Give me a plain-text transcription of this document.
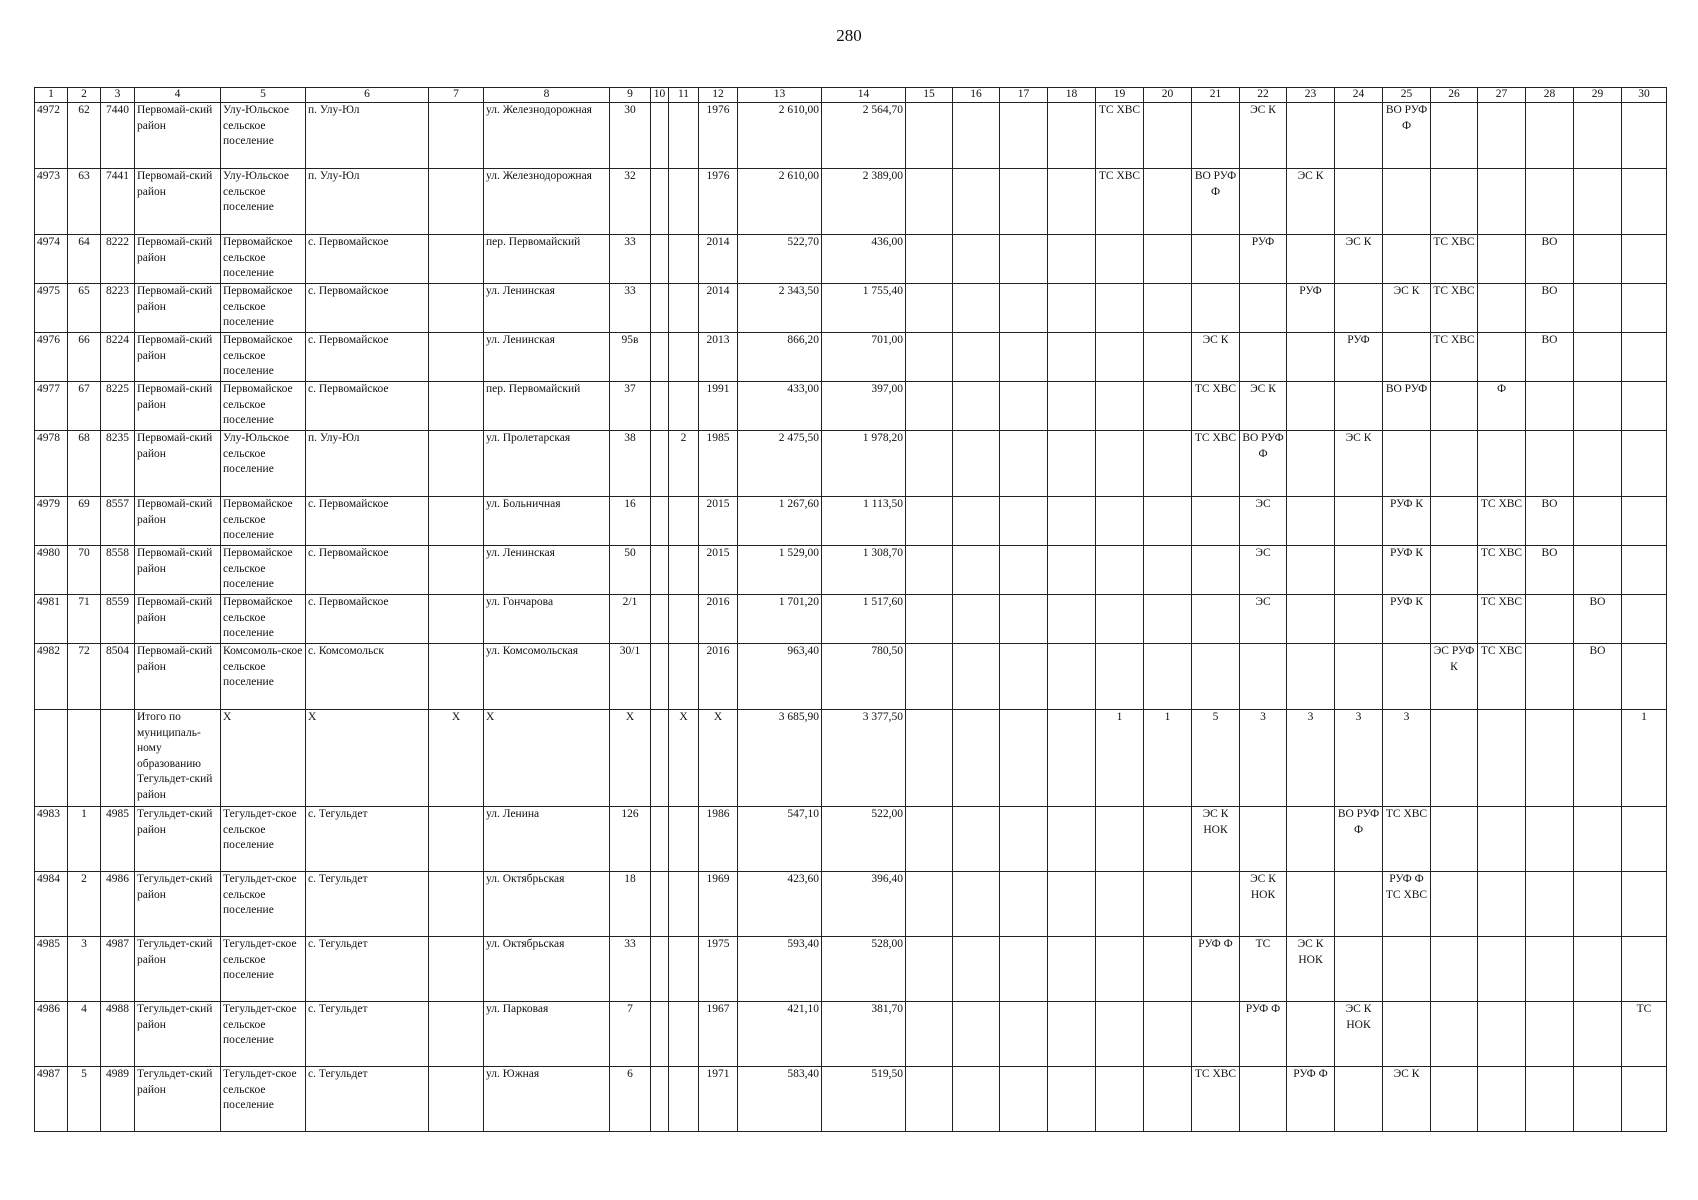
280
1	2	3	4	5	6	7	8	9	10	11	12	13	14	15	16	17	18	19	20	21	22	23	24	25	26	27	28	29	30
4972	62	7440	Первомай-ский район	Улу-Юльское сельское поселение	п. Улу-Юл		ул. Железнодорожная	30			1976	2 610,00	2 564,70					ТС ХВС			ЭС К			ВО РУФ Ф					
4973	63	7441	Первомай-ский район	Улу-Юльское сельское поселение	п. Улу-Юл		ул. Железнодорожная	32			1976	2 610,00	2 389,00					ТС ХВС		ВО РУФ Ф		ЭС К							
4974	64	8222	Первомай-ский район	Первомайское сельское поселение	с. Первомайское		пер. Первомайский	33			2014	522,70	436,00								РУФ		ЭС К		ТС ХВС		ВО		
4975	65	8223	Первомай-ский район	Первомайское сельское поселение	с. Первомайское		ул. Ленинская	33			2014	2 343,50	1 755,40									РУФ		ЭС К	ТС ХВС		ВО		
4976	66	8224	Первомай-ский район	Первомайское сельское поселение	с. Первомайское		ул. Ленинская	95в			2013	866,20	701,00							ЭС К			РУФ		ТС ХВС		ВО		
4977	67	8225	Первомай-ский район	Первомайское сельское поселение	с. Первомайское		пер. Первомайский	37			1991	433,00	397,00							ТС ХВС	ЭС К			ВО РУФ		Ф			
4978	68	8235	Первомай-ский район	Улу-Юльское сельское поселение	п. Улу-Юл		ул. Пролетарская	38		2	1985	2 475,50	1 978,20							ТС ХВС	ВО РУФ Ф		ЭС К						
4979	69	8557	Первомай-ский район	Первомайское сельское поселение	с. Первомайское		ул. Больничная	16			2015	1 267,60	1 113,50								ЭС			РУФ К		ТС ХВС	ВО		
4980	70	8558	Первомай-ский район	Первомайское сельское поселение	с. Первомайское		ул. Ленинская	50			2015	1 529,00	1 308,70								ЭС			РУФ К		ТС ХВС	ВО		
4981	71	8559	Первомай-ский район	Первомайское сельское поселение	с. Первомайское		ул. Гончарова	2/1			2016	1 701,20	1 517,60								ЭС			РУФ К		ТС ХВС		ВО	
4982	72	8504	Первомай-ский район	Комсомоль-ское сельское поселение	с. Комсомольск		ул. Комсомольская	30/1			2016	963,40	780,50												ЭС РУФ К	ТС ХВС		ВО	
			Итого по муниципаль-ному образованию Тегульдет-ский район	X	X	X	X	X		X	X	3 685,90	3 377,50					1	1	5	3	3	3	3					1
4983	1	4985	Тегульдет-ский район	Тегульдет-ское сельское поселение	с. Тегульдет		ул. Ленина	126			1986	547,10	522,00							ЭС К НОК			ВО РУФ Ф	ТС ХВС					
4984	2	4986	Тегульдет-ский район	Тегульдет-ское сельское поселение	с. Тегульдет		ул. Октябрьская	18			1969	423,60	396,40								ЭС К НОК			РУФ Ф ТС ХВС					
4985	3	4987	Тегульдет-ский район	Тегульдет-ское сельское поселение	с. Тегульдет		ул. Октябрьская	33			1975	593,40	528,00							РУФ Ф	ТС	ЭС К НОК							
4986	4	4988	Тегульдет-ский район	Тегульдет-ское сельское поселение	с. Тегульдет		ул. Парковая	7			1967	421,10	381,70								РУФ Ф		ЭС К НОК						ТС
4987	5	4989	Тегульдет-ский район	Тегульдет-ское сельское поселение	с. Тегульдет		ул. Южная	6			1971	583,40	519,50							ТС ХВС		РУФ Ф		ЭС К					
